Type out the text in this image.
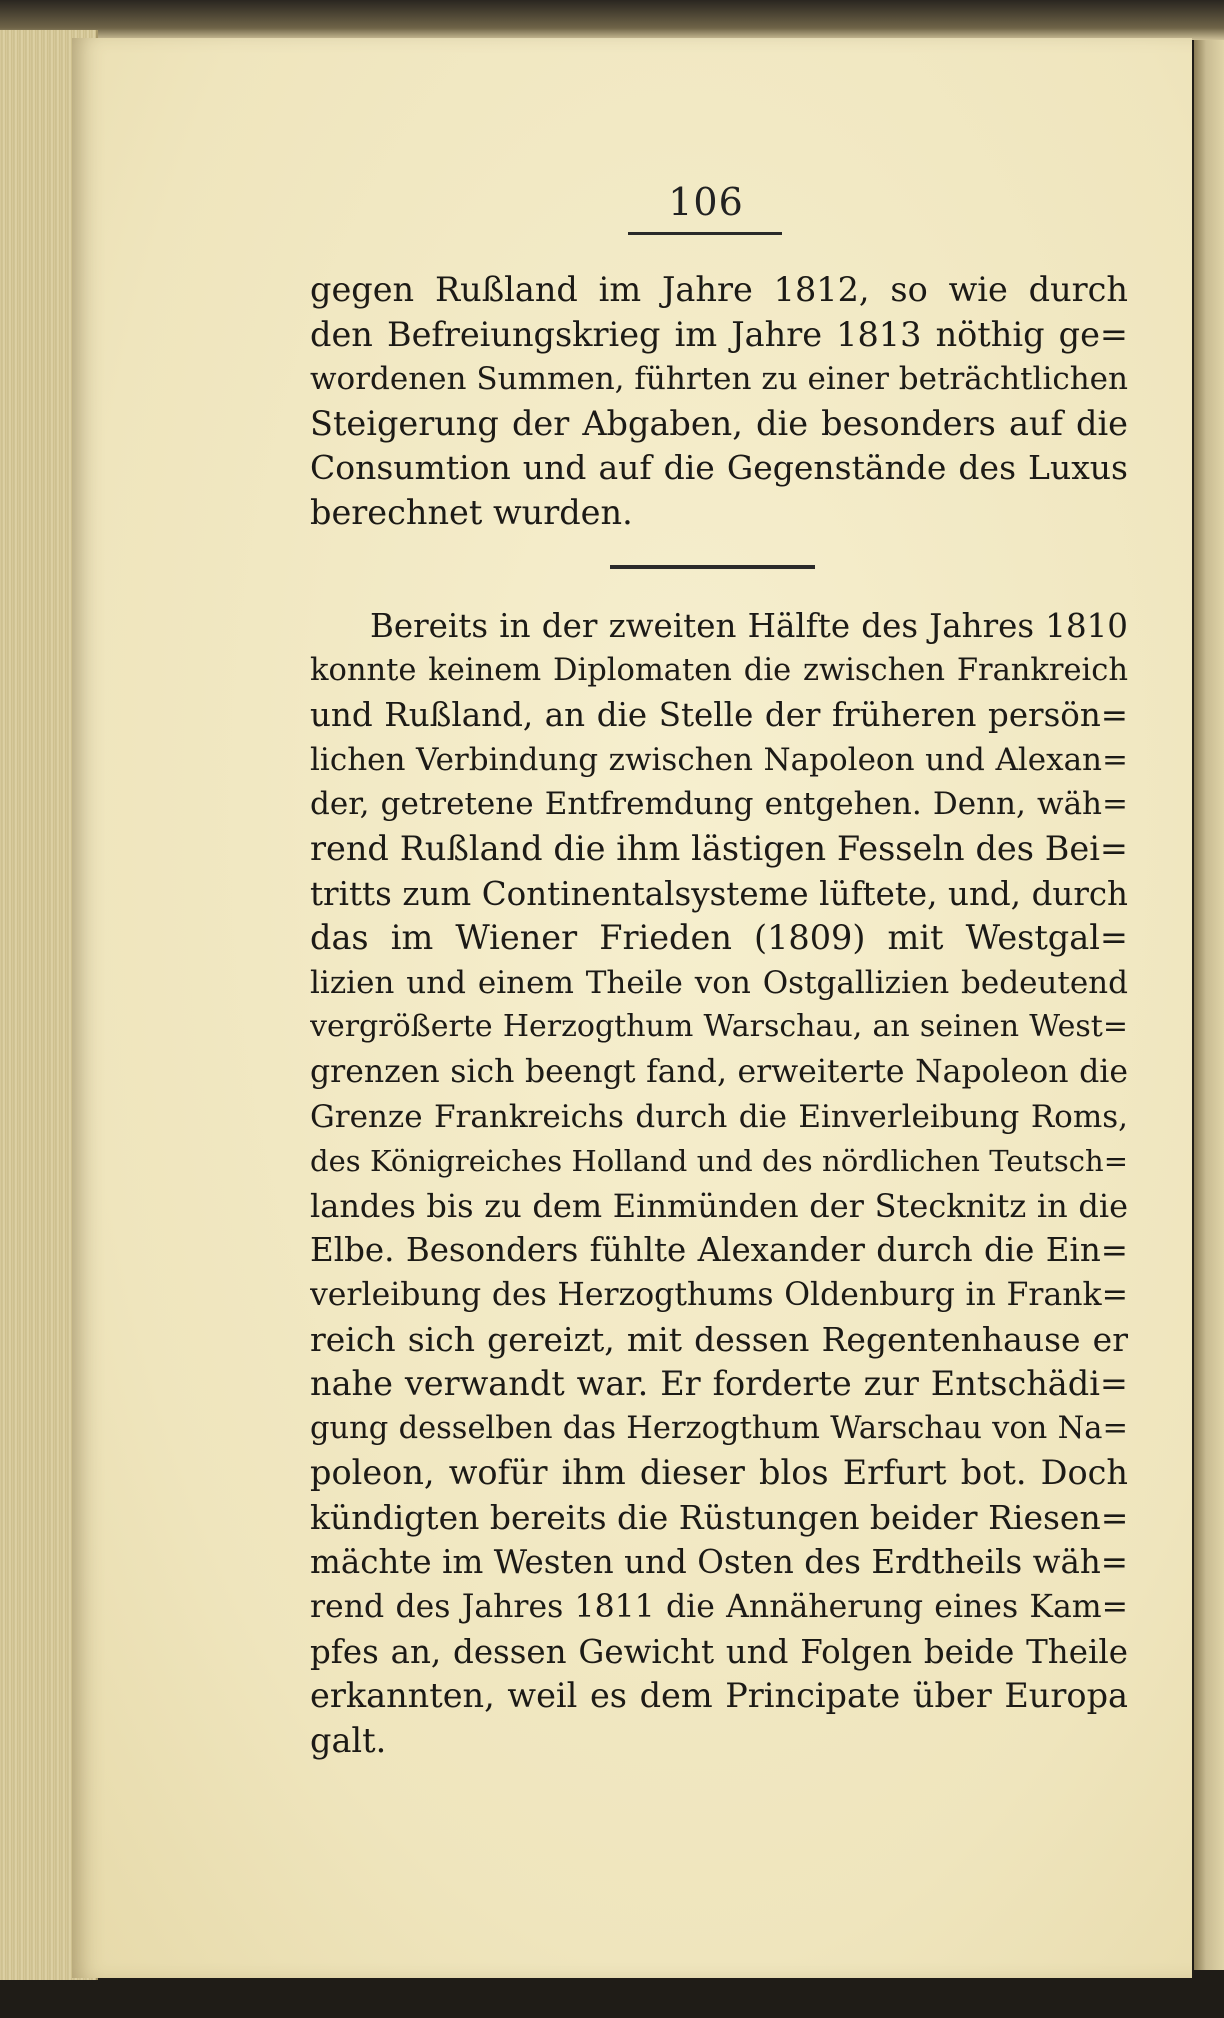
106
gegen Rußland im Jahre 1812, so wie durch
den Befreiungskrieg im Jahre 1813 nöthig ge=
wordenen Summen, führten zu einer beträchtlichen
Steigerung der Abgaben, die besonders auf die
Consumtion und auf die Gegenstände des Luxus
berechnet wurden.
Bereits in der zweiten Hälfte des Jahres 1810
konnte keinem Diplomaten die zwischen Frankreich
und Rußland, an die Stelle der früheren persön=
lichen Verbindung zwischen Napoleon und Alexan=
der, getretene Entfremdung entgehen. Denn, wäh=
rend Rußland die ihm lästigen Fesseln des Bei=
tritts zum Continentalsysteme lüftete, und, durch
das im Wiener Frieden (1809) mit Westgal=
lizien und einem Theile von Ostgallizien bedeutend
vergrößerte Herzogthum Warschau, an seinen West=
grenzen sich beengt fand, erweiterte Napoleon die
Grenze Frankreichs durch die Einverleibung Roms,
des Königreiches Holland und des nördlichen Teutsch=
landes bis zu dem Einmünden der Stecknitz in die
Elbe. Besonders fühlte Alexander durch die Ein=
verleibung des Herzogthums Oldenburg in Frank=
reich sich gereizt, mit dessen Regentenhause er
nahe verwandt war. Er forderte zur Entschädi=
gung desselben das Herzogthum Warschau von Na=
poleon, wofür ihm dieser blos Erfurt bot. Doch
kündigten bereits die Rüstungen beider Riesen=
mächte im Westen und Osten des Erdtheils wäh=
rend des Jahres 1811 die Annäherung eines Kam=
pfes an, dessen Gewicht und Folgen beide Theile
erkannten, weil es dem Principate über Europa
galt.
